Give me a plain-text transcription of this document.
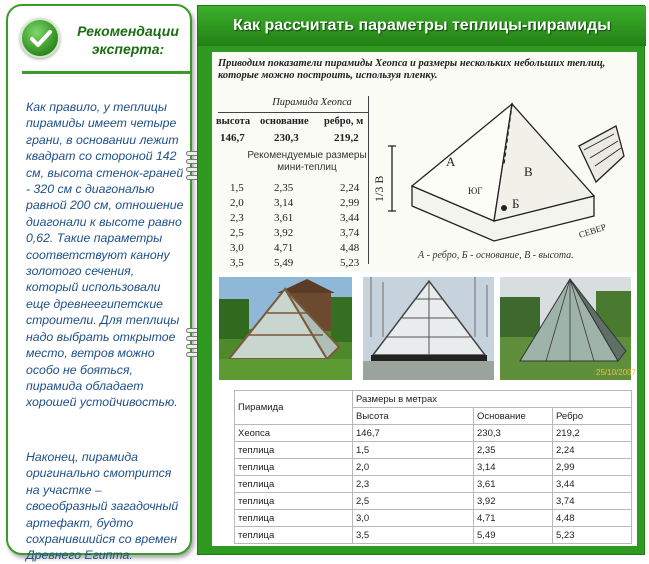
Рекомендации
эксперта:
Как правило, у теплицы пирамиды имеет четыре грани, в основании лежит квадрат со стороной 142 см, высота стенок-граней - 320 см с диагональю равной 200 см, отношение диагонали к высоте равно 0,62. Такие параметры соответствуют канону золотого сечения, который использовали еще древнеегипетские строители. Для теплицы надо выбрать открытое место, ветров можно особо не бояться, пирамида обладает хорошей устойчивостью.
Наконец, пирамида оригинально смотрится на участке – своеобразный загадочный артефакт, будто сохранившийся со времен Древнего Египта.
Как рассчитать параметры теплицы-пирамиды
Приводим показатели пирамиды Хеопса и размеры нескольких небольших теплиц, которые можно построить, используя пленку.
Пирамида Хеопса
высота основание ребро, м
146,7	230,3	219,2
Рекомендуемые размеры мини-теплиц
1,5	2,35	2,24
2,0	3,14	2,99
2,3	3,61	3,44
2,5	3,92	3,74
3,0	4,71	4,48
3,5	5,49	5,23
А
В
Б
ЮГ
СЕВЕР
1/3 В
А - ребро, Б - основание, В - высота.
25/10/2007
Пирамида	Размеры в метрах		
	Высота	Основание	Ребро
Хеопса	146,7	230,3	219,2
теплица	1,5	2,35	2,24
теплица	2,0	3,14	2,99
теплица	2,3	3,61	3,44
теплица	2,5	3,92	3,74
теплица	3,0	4,71	4,48
теплица	3,5	5,49	5,23
